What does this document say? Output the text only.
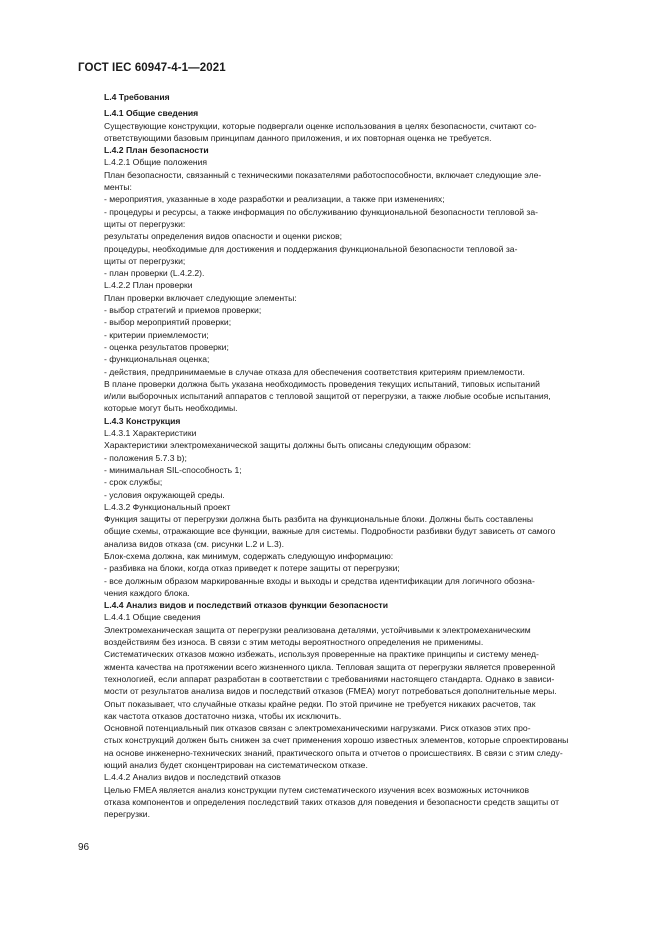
ГОСТ IEC 60947-4-1—2021

L.4 Требования

L.4.1 Общие сведения

Существующие конструкции, которые подвергали оценке использования в целях безопасности, считают со-

ответствующими базовым принципам данного приложения, и их повторная оценка не требуется.

L.4.2 План безопасности

L.4.2.1 Общие положения

План безопасности, связанный с техническими показателями работоспособности, включает следующие эле-

менты:

- мероприятия, указанные в ходе разработки и реализации, а также при изменениях;

- процедуры и ресурсы, а также информация по обслуживанию функциональной безопасности тепловой за-

щиты от перегрузки:

результаты определения видов опасности и оценки рисков;

процедуры, необходимые для достижения и поддержания функциональной безопасности тепловой за-

щиты от перегрузки;

- план проверки (L.4.2.2).

L.4.2.2 План проверки

План проверки включает следующие элементы:

- выбор стратегий и приемов проверки;

- выбор мероприятий проверки;

- критерии приемлемости;

- оценка результатов проверки;

- функциональная оценка;

- действия, предпринимаемые в случае отказа для обеспечения соответствия критериям приемлемости.

В плане проверки должна быть указана необходимость проведения текущих испытаний, типовых испытаний

и/или выборочных испытаний аппаратов с тепловой защитой от перегрузки, а также любые особые испытания,

которые могут быть необходимы.

L.4.3 Конструкция

L.4.3.1 Характеристики

Характеристики электромеханической защиты должны быть описаны следующим образом:

- положения 5.7.3 b);

- минимальная SIL-способность 1;

- срок службы;

- условия окружающей среды.

L.4.3.2 Функциональный проект

Функция защиты от перегрузки должна быть разбита на функциональные блоки. Должны быть составлены

общие схемы, отражающие все функции, важные для системы. Подробности разбивки будут зависеть от самого

анализа видов отказа (см. рисунки L.2 и L.3).

Блок-схема должна, как минимум, содержать следующую информацию:

- разбивка на блоки, когда отказ приведет к потере защиты от перегрузки;

- все должным образом маркированные входы и выходы и средства идентификации для логичного обозна-

чения каждого блока.

L.4.4 Анализ видов и последствий отказов функции безопасности

L.4.4.1 Общие сведения

Электромеханическая защита от перегрузки реализована деталями, устойчивыми к электромеханическим

воздействиям без износа. В связи с этим методы вероятностного определения не применимы.

Систематических отказов можно избежать, используя проверенные на практике принципы и систему менед-

жмента качества на протяжении всего жизненного цикла. Тепловая защита от перегрузки является проверенной

технологией, если аппарат разработан в соответствии с требованиями настоящего стандарта. Однако в зависи-

мости от результатов анализа видов и последствий отказов (FMEA) могут потребоваться дополнительные меры.

Опыт показывает, что случайные отказы крайне редки. По этой причине не требуется никаких расчетов, так

как частота отказов достаточно низка, чтобы их исключить.

Основной потенциальный пик отказов связан с электромеханическими нагрузками. Риск отказов этих про-

стых конструкций должен быть снижен за счет применения хорошо известных элементов, которые спроектированы

на основе инженерно-технических знаний, практического опыта и отчетов о происшествиях. В связи с этим следу-

ющий анализ будет сконцентрирован на систематическом отказе.

L.4.4.2 Анализ видов и последствий отказов

Целью FMEA является анализ конструкции путем систематического изучения всех возможных источников

отказа компонентов и определения последствий таких отказов для поведения и безопасности средств защиты от

перегрузки.

96
